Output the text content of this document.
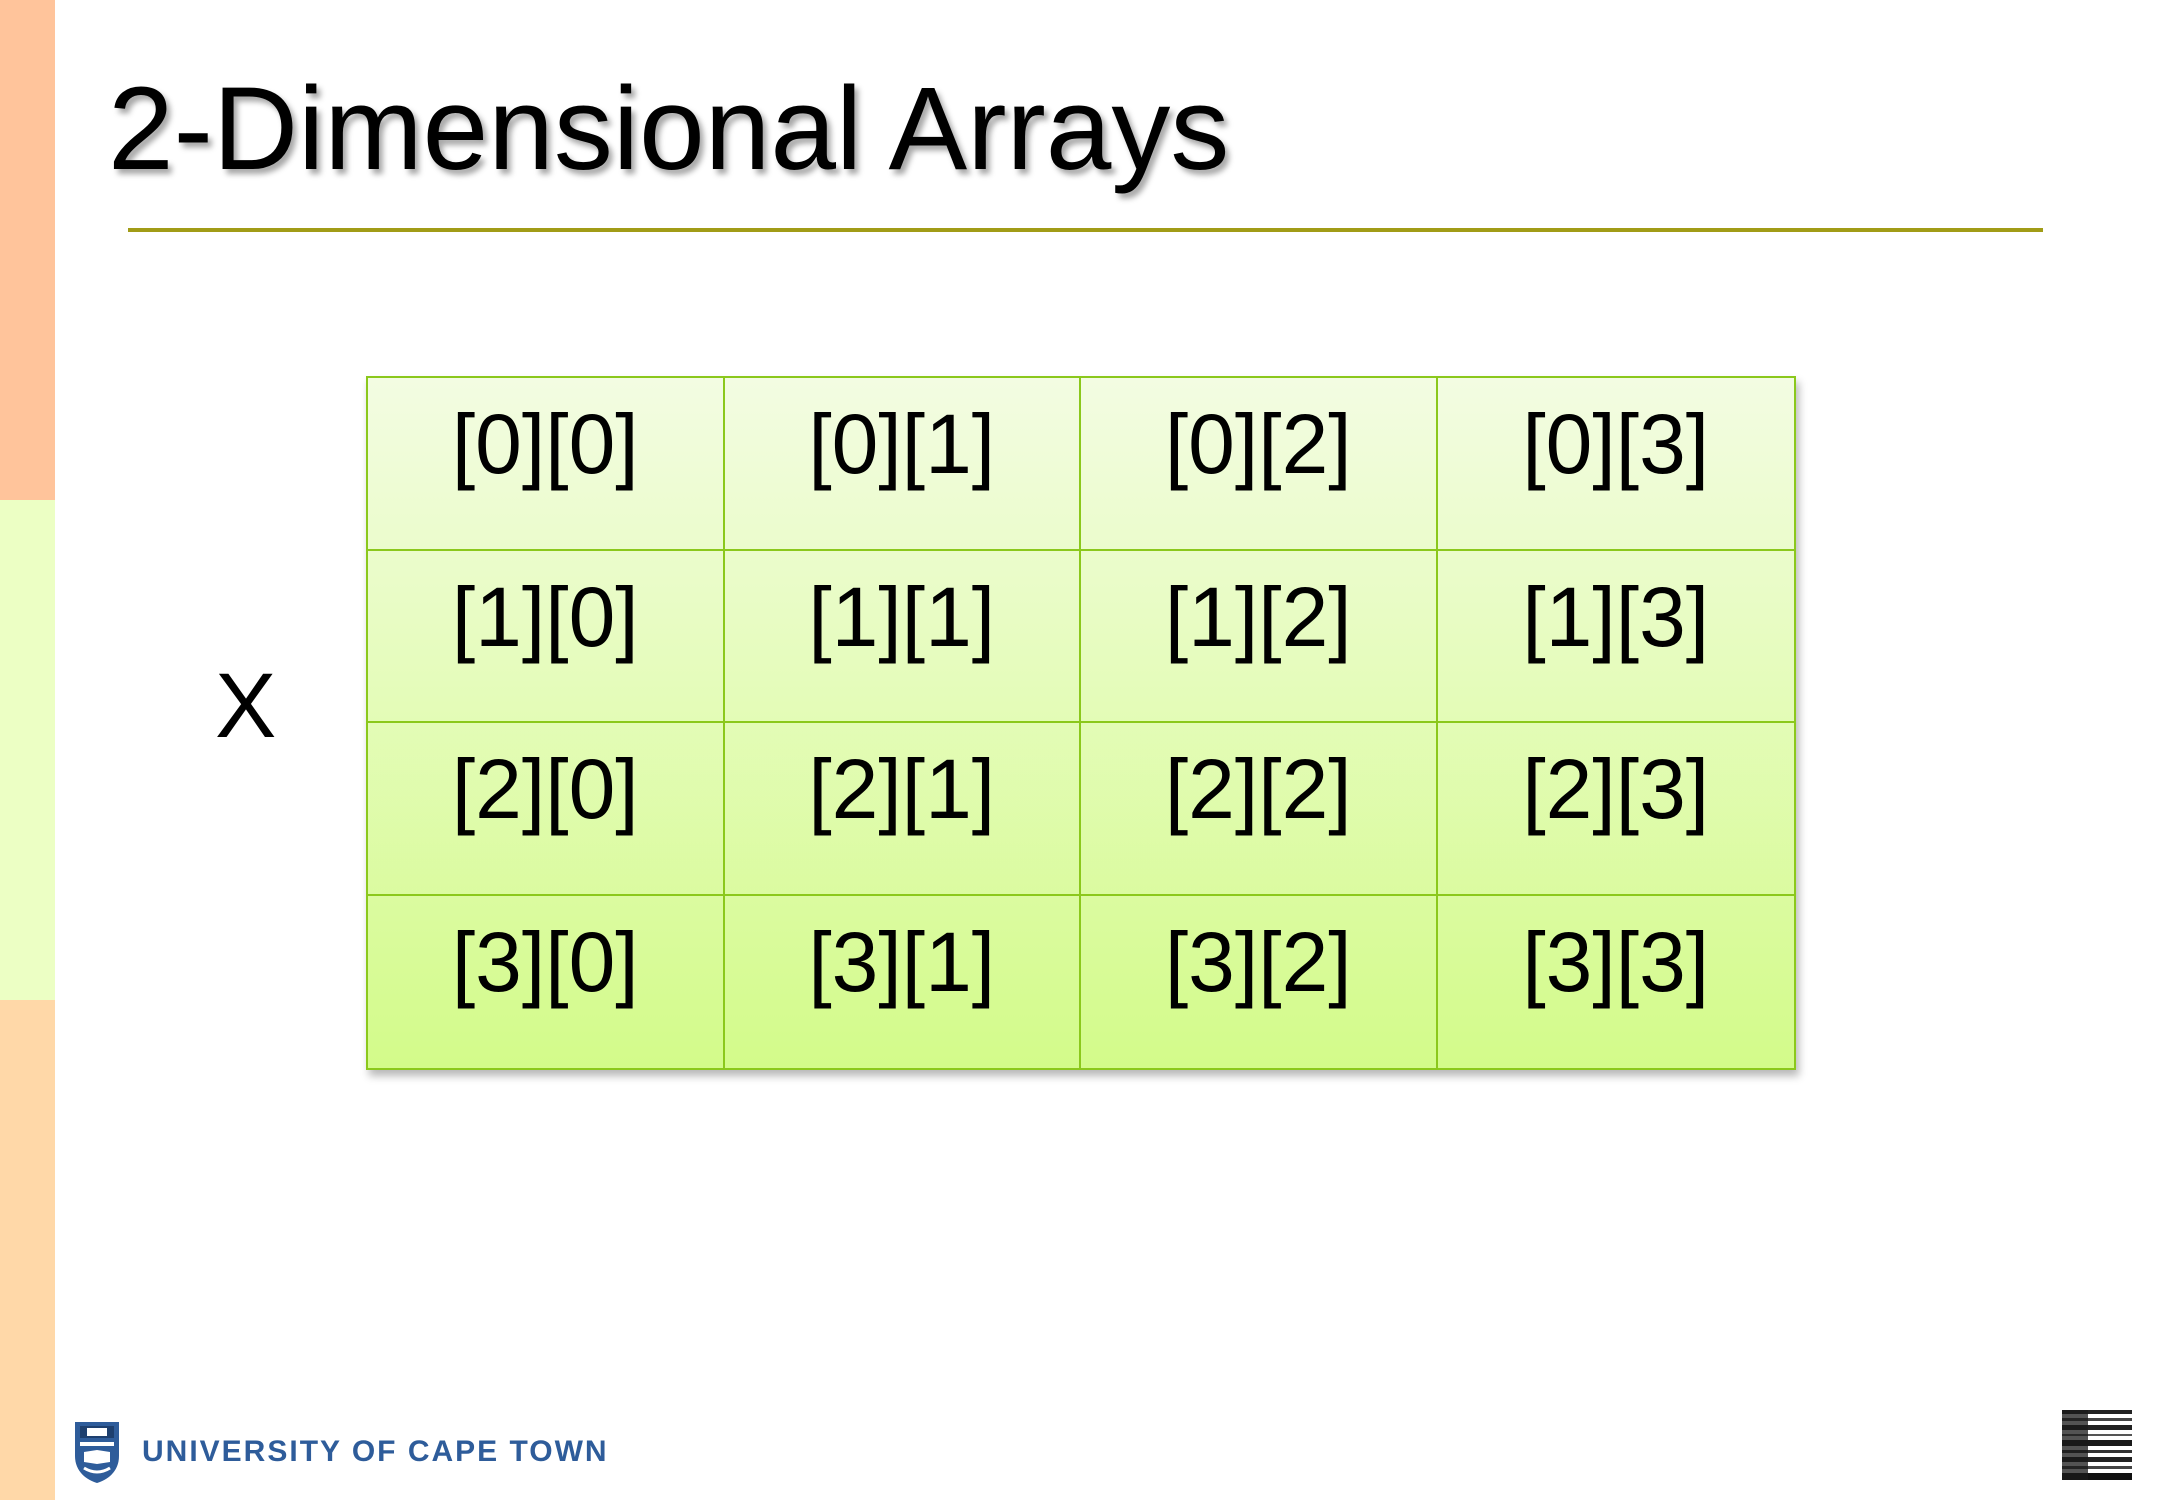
2-Dimensional Arrays
X
[0][0]	[0][1]	[0][2]	[0][3]
[1][0]	[1][1]	[1][2]	[1][3]
[2][0]	[2][1]	[2][2]	[2][3]
[3][0]	[3][1]	[3][2]	[3][3]
UNIVERSITY OF CAPE TOWN
